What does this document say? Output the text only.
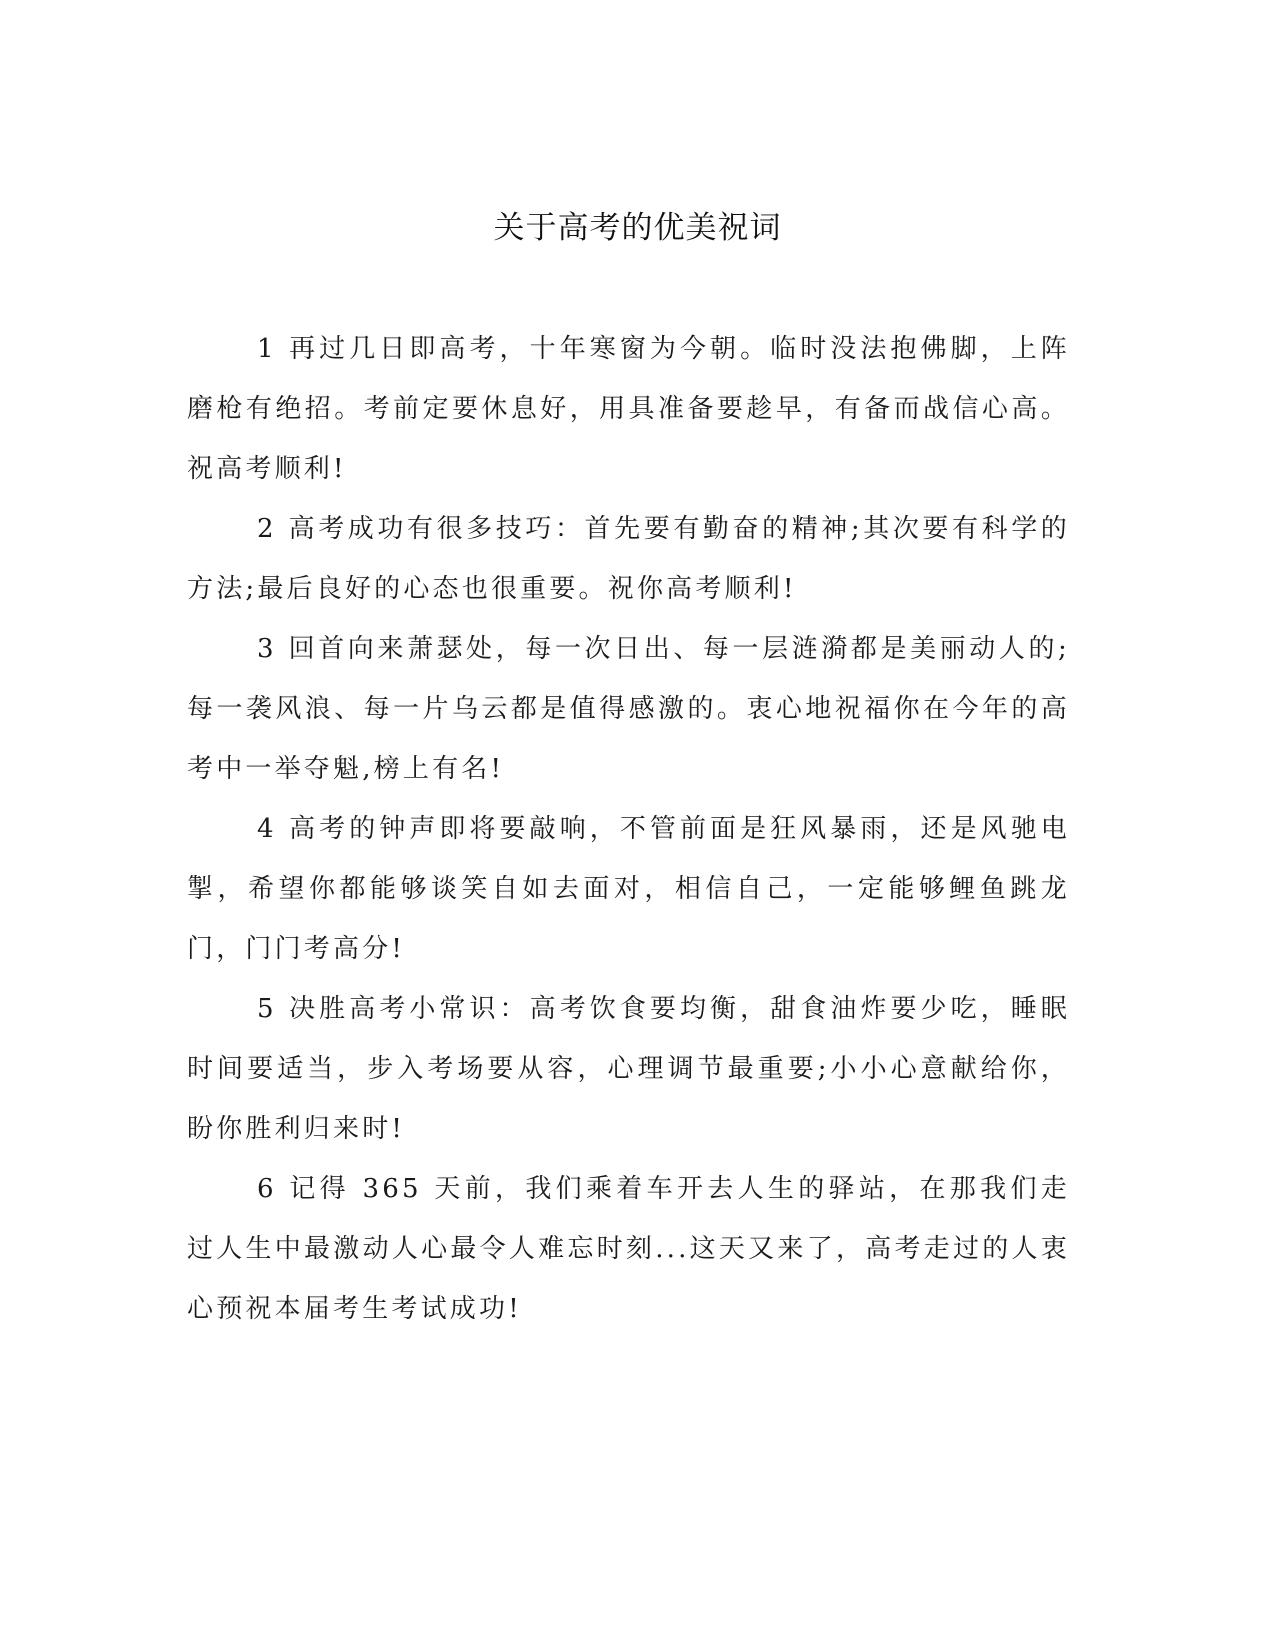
关于高考的优美祝词

1 再过几日即高考，十年寒窗为今朝。临时没法抱佛脚，上阵磨枪有绝招。考前定要休息好，用具准备要趁早，有备而战信心高。祝高考顺利!

2 高考成功有很多技巧：首先要有勤奋的精神;其次要有科学的方法;最后良好的心态也很重要。祝你高考顺利!

3 回首向来萧瑟处，每一次日出、每一层涟漪都是美丽动人的;每一袭风浪、每一片乌云都是值得感激的。衷心地祝福你在今年的高考中一举夺魁,榜上有名!

4 高考的钟声即将要敲响，不管前面是狂风暴雨，还是风驰电掣，希望你都能够谈笑自如去面对，相信自己，一定能够鲤鱼跳龙门，门门考高分!

5 决胜高考小常识：高考饮食要均衡，甜食油炸要少吃，睡眠时间要适当，步入考场要从容，心理调节最重要;小小心意献给你，盼你胜利归来时!

6 记得 365 天前，我们乘着车开去人生的驿站，在那我们走过人生中最激动人心最令人难忘时刻...这天又来了，高考走过的人衷心预祝本届考生考试成功!
